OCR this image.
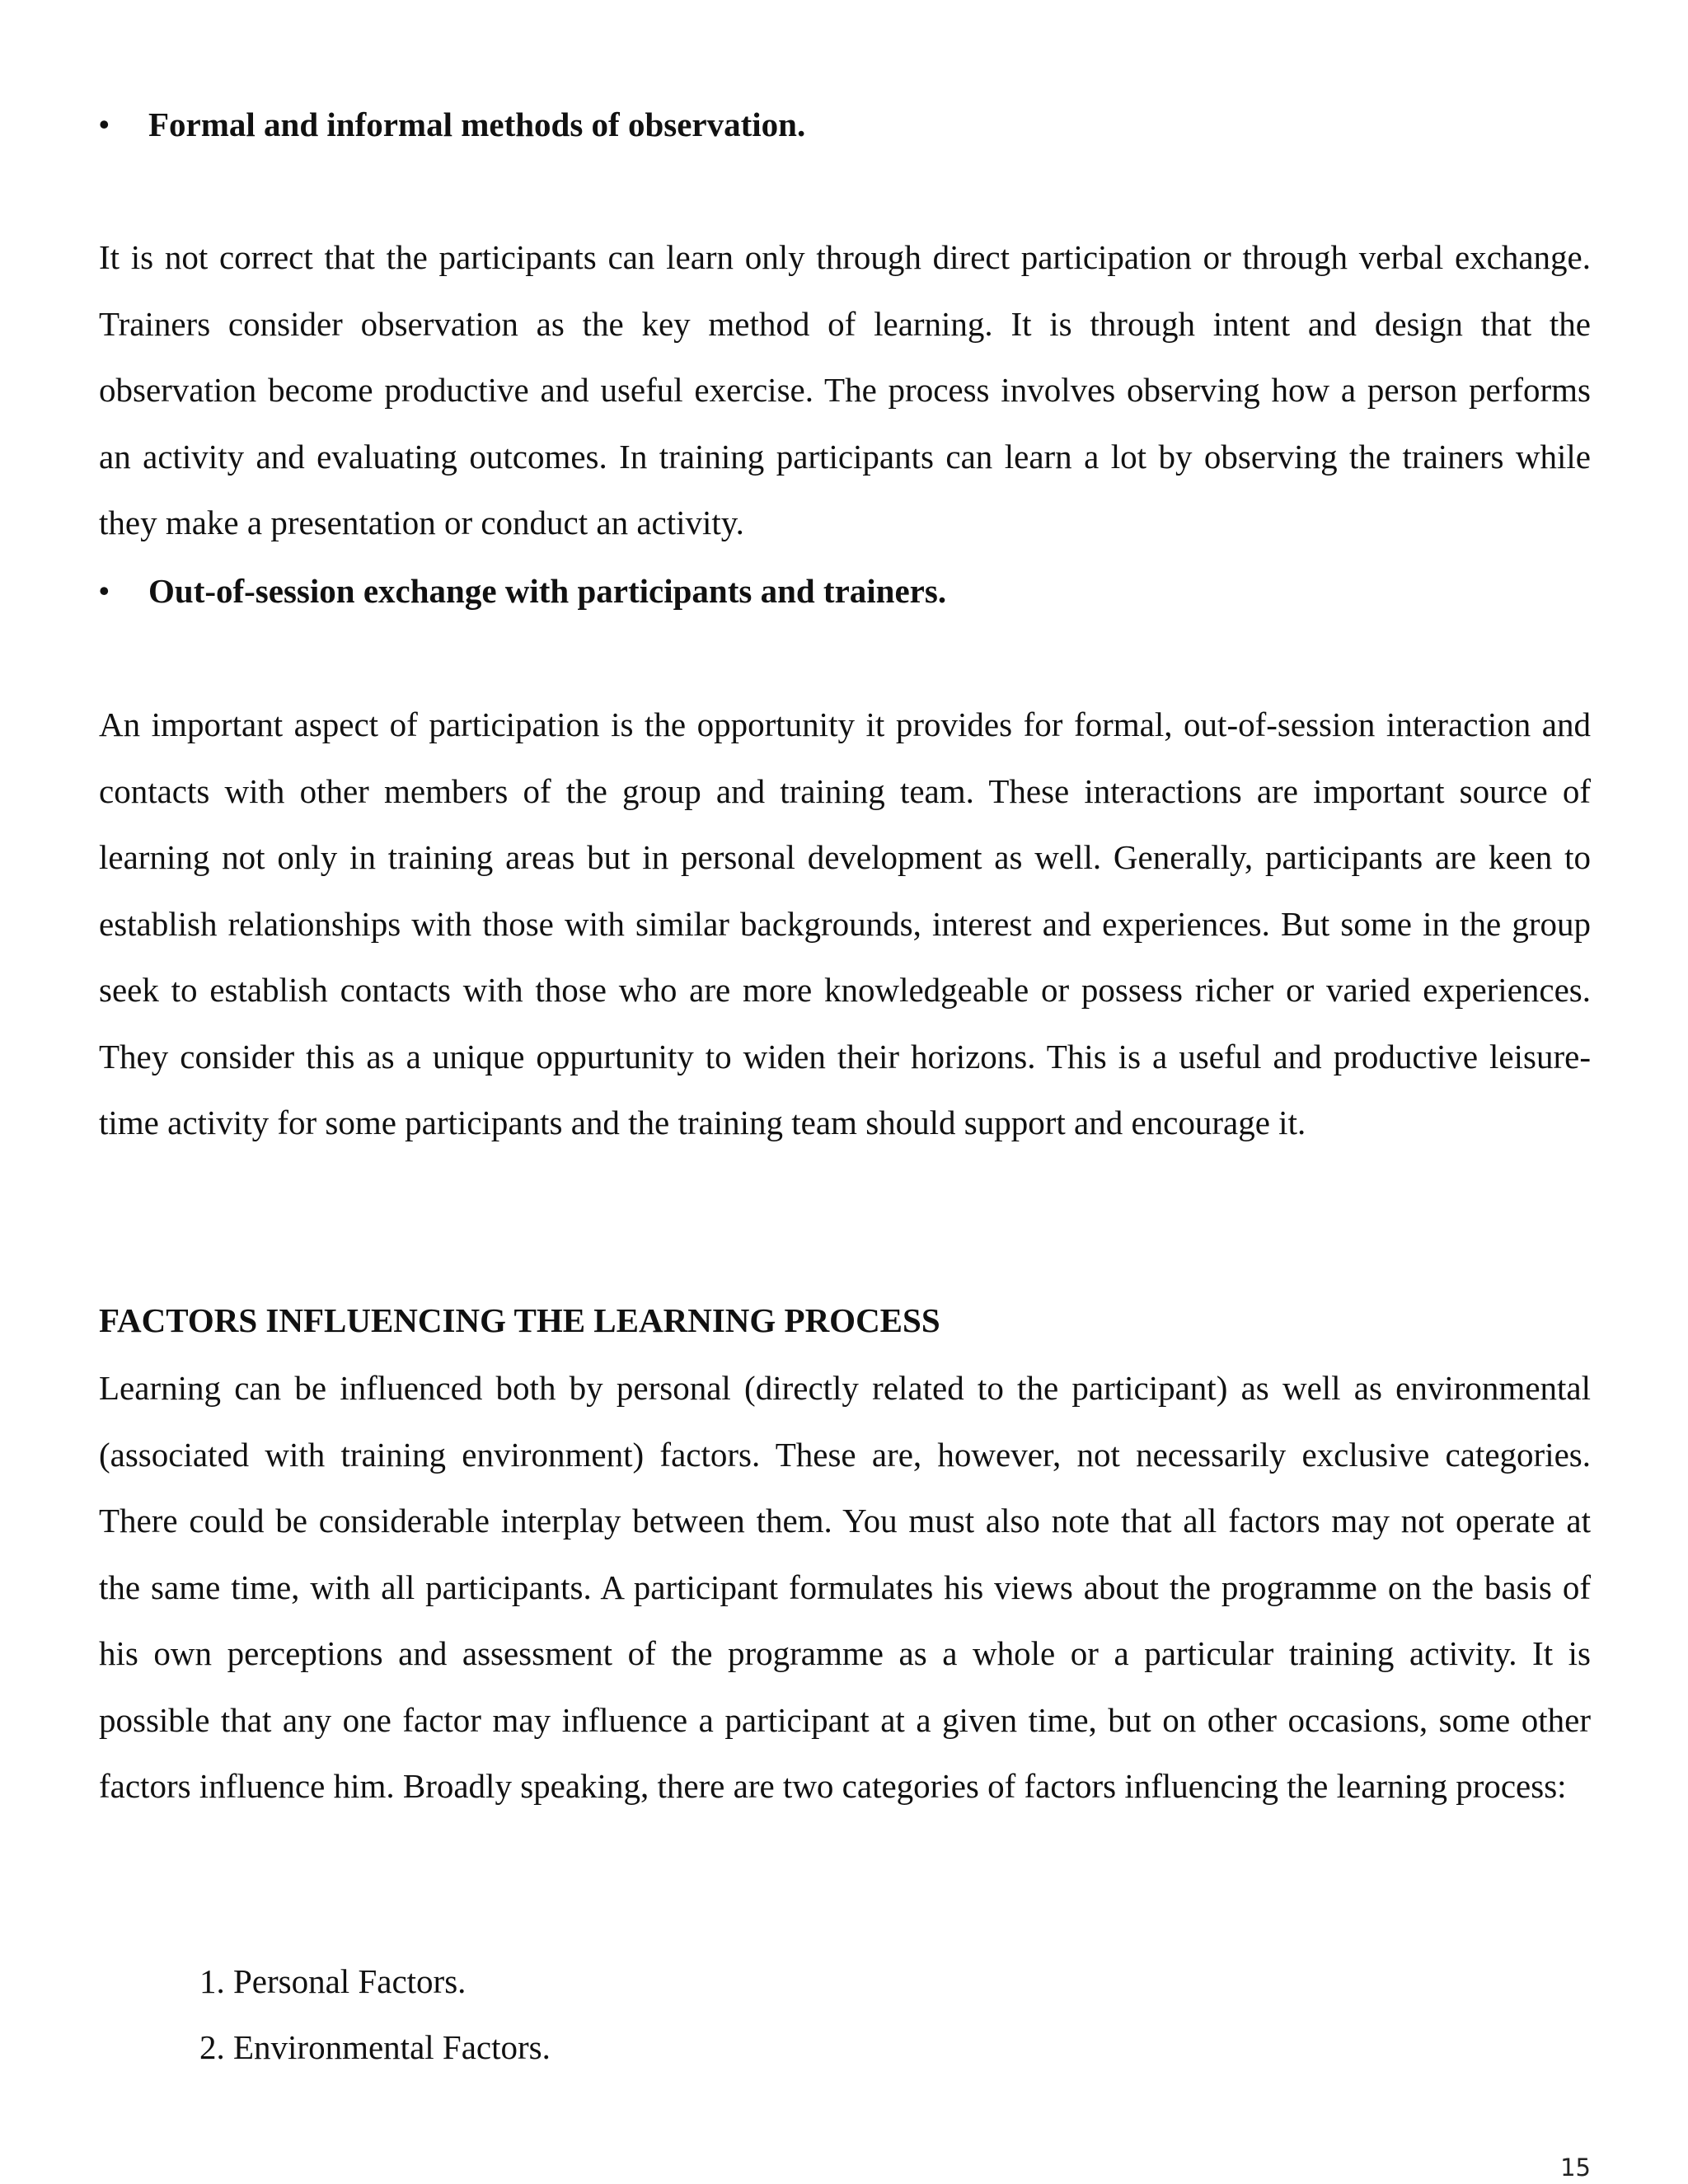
•	Formal and informal methods of observation.

It is not correct that the participants can learn only through direct participation or through verbal exchange. Trainers consider observation as the key method of learning. It is through intent and design that the observation become productive and useful exercise. The process involves observing how a person performs an activity and evaluating outcomes. In training participants can learn a lot by observing the trainers while they make a presentation or conduct an activity.

•	Out-of-session exchange with participants and trainers.

An important aspect of participation is the opportunity it provides for formal, out-of-session interaction and contacts with other members of the group and training team. These interactions are important source of learning not only in training areas but in personal development as well. Generally, participants are keen to establish relationships with those with similar backgrounds, interest and experiences. But some in the group seek to establish contacts with those who are more knowledgeable or possess richer or varied experiences. They consider this as a unique oppurtunity to widen their horizons. This is a useful and productive leisure-time activity for some participants and the training team should support and encourage it.

FACTORS INFLUENCING THE LEARNING PROCESS

Learning can be influenced both by personal (directly related to the participant) as well as environmental (associated with training environment) factors. These are, however, not necessarily exclusive categories. There could be considerable interplay between them. You must also note that all factors may not operate at the same time, with all participants. A participant formulates his views about the programme on the basis of his own perceptions and assessment of the programme as a whole or a particular training activity. It is possible that any one factor may influence a participant at a given time, but on other occasions, some other factors influence him. Broadly speaking, there are two categories of factors influencing the learning process:

1. Personal Factors.
2. Environmental Factors.
15
